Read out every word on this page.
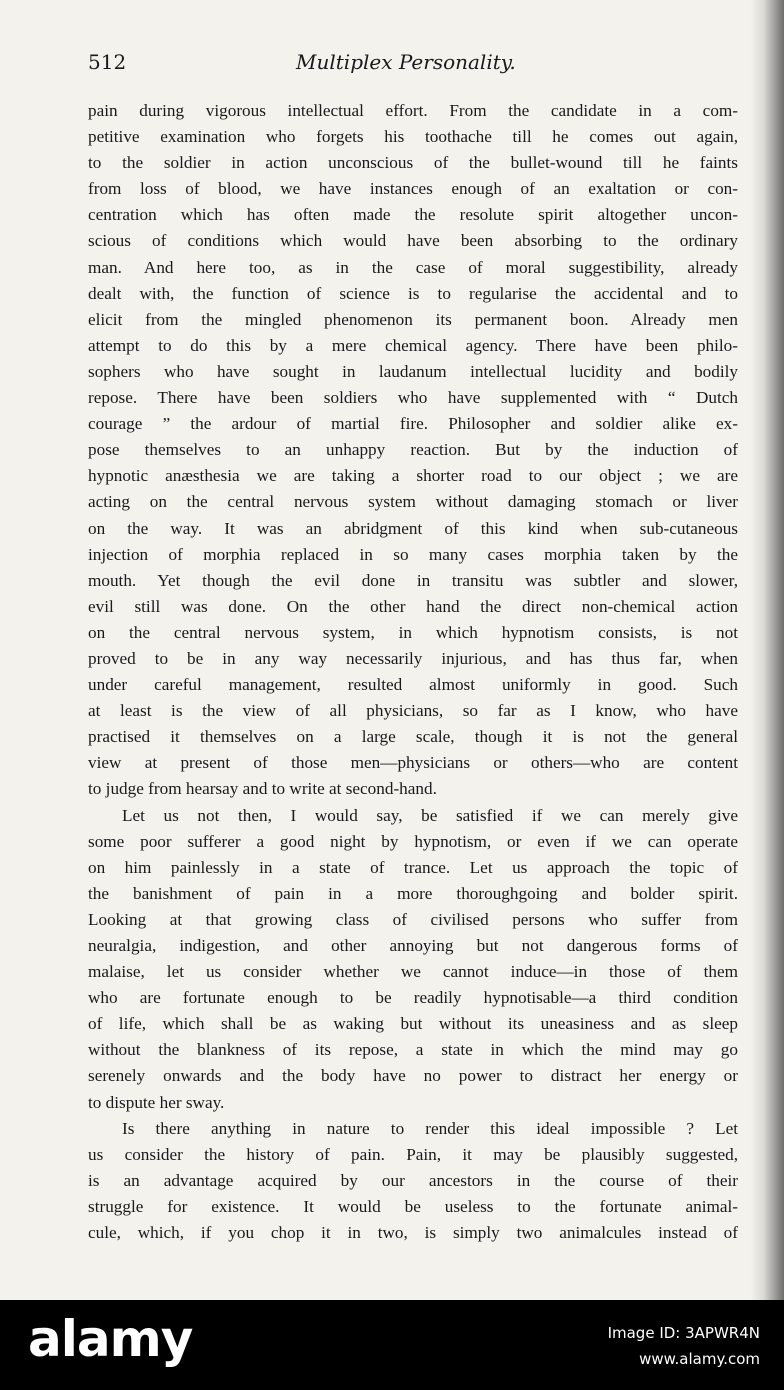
512	Multiplex Personality.
pain during vigorous intellectual effort. From the candidate in a com-
petitive examination who forgets his toothache till he comes out again,
to the soldier in action unconscious of the bullet-wound till he faints
from loss of blood, we have instances enough of an exaltation or con-
centration which has often made the resolute spirit altogether uncon-
scious of conditions which would have been absorbing to the ordinary
man. And here too, as in the case of moral suggestibility, already
dealt with, the function of science is to regularise the accidental and to
elicit from the mingled phenomenon its permanent boon. Already men
attempt to do this by a mere chemical agency. There have been philo-
sophers who have sought in laudanum intellectual lucidity and bodily
repose. There have been soldiers who have supplemented with “ Dutch
courage ” the ardour of martial fire. Philosopher and soldier alike ex-
pose themselves to an unhappy reaction. But by the induction of
hypnotic anæsthesia we are taking a shorter road to our object ; we are
acting on the central nervous system without damaging stomach or liver
on the way. It was an abridgment of this kind when sub-cutaneous
injection of morphia replaced in so many cases morphia taken by the
mouth. Yet though the evil done in transitu was subtler and slower,
evil still was done. On the other hand the direct non-chemical action
on the central nervous system, in which hypnotism consists, is not
proved to be in any way necessarily injurious, and has thus far, when
under careful management, resulted almost uniformly in good. Such
at least is the view of all physicians, so far as I know, who have
practised it themselves on a large scale, though it is not the general
view at present of those men—physicians or others—who are content
to judge from hearsay and to write at second-hand.
Let us not then, I would say, be satisfied if we can merely give
some poor sufferer a good night by hypnotism, or even if we can operate
on him painlessly in a state of trance. Let us approach the topic of
the banishment of pain in a more thoroughgoing and bolder spirit.
Looking at that growing class of civilised persons who suffer from
neuralgia, indigestion, and other annoying but not dangerous forms of
malaise, let us consider whether we cannot induce—in those of them
who are fortunate enough to be readily hypnotisable—a third condition
of life, which shall be as waking but without its uneasiness and as sleep
without the blankness of its repose, a state in which the mind may go
serenely onwards and the body have no power to distract her energy or
to dispute her sway.
Is there anything in nature to render this ideal impossible ? Let
us consider the history of pain. Pain, it may be plausibly suggested,
is an advantage acquired by our ancestors in the course of their
struggle for existence. It would be useless to the fortunate animal-
cule, which, if you chop it in two, is simply two animalcules instead of
alamy	Image ID: 3APWR4N
www.alamy.com
